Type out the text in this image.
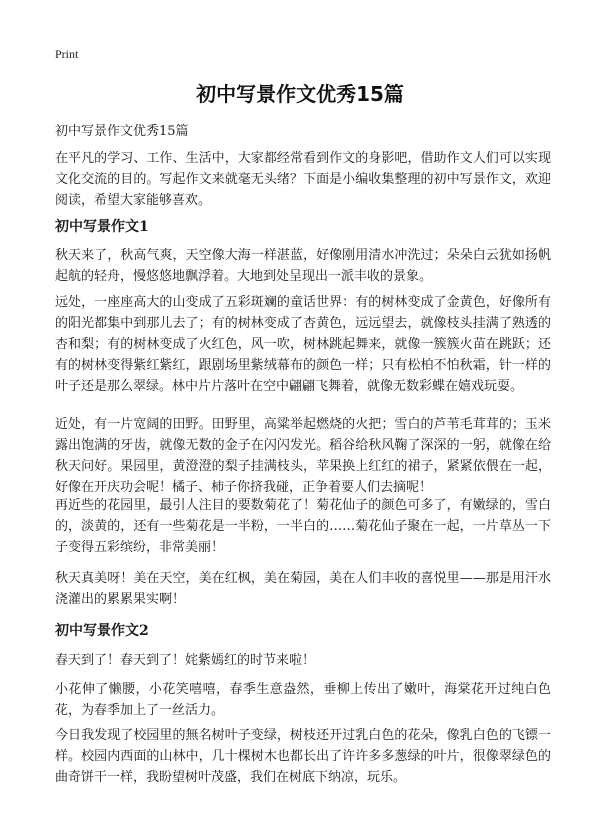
Print
初中写景作文优秀15篇
初中写景作文优秀15篇
在平凡的学习、工作、生活中，大家都经常看到作文的身影吧，借助作文人们可以实现文化交流的目的。写起作文来就毫无头绪？下面是小编收集整理的初中写景作文，欢迎阅读，希望大家能够喜欢。
初中写景作文1
秋天来了，秋高气爽，天空像大海一样湛蓝，好像刚用清水冲洗过；朵朵白云犹如扬帆起航的轻舟，慢悠悠地飘浮着。大地到处呈现出一派丰收的景象。
远处，一座座高大的山变成了五彩斑斓的童话世界：有的树林变成了金黄色，好像所有的阳光都集中到那儿去了；有的树林变成了杏黄色，远远望去，就像枝头挂满了熟透的杏和梨；有的树林变成了火红色，风一吹，树林跳起舞来，就像一簇簇火苗在跳跃；还有的树林变得紫红紫红，跟剧场里紫绒幕布的颜色一样；只有松柏不怕秋霜，针一样的叶子还是那么翠绿。林中片片落叶在空中翩翩飞舞着，就像无数彩蝶在嬉戏玩耍。
近处，有一片宽阔的田野。田野里，高粱举起燃烧的火把；雪白的芦苇毛茸茸的；玉米露出饱满的牙齿，就像无数的金子在闪闪发光。稻谷给秋风鞠了深深的一躬，就像在给秋天问好。果园里，黄澄澄的梨子挂满枝头，苹果换上红红的裙子，紧紧依偎在一起，好像在开庆功会呢！橘子、柿子你挤我碰，正争着要人们去摘呢！
再近些的花园里，最引人注目的要数菊花了！菊花仙子的颜色可多了，有嫩绿的，雪白的，淡黄的，还有一些菊花是一半粉，一半白的……菊花仙子聚在一起，一片草丛一下子变得五彩缤纷，非常美丽！
秋天真美呀！美在天空，美在红枫，美在菊园，美在人们丰收的喜悦里——那是用汗水浇灌出的累累果实啊！
初中写景作文2
春天到了！春天到了！姹紫嫣红的时节来啦！
小花伸了懒腰，小花笑嘻嘻，春季生意盎然，垂柳上传出了嫩叶，海棠花开过纯白色花，为春季加上了一丝活力。
今日我发现了校园里的無名树叶子变绿，树枝还开过乳白色的花朵，像乳白色的飞镖一样。校园内西面的山林中，几十棵树木也都长出了许许多多葱绿的叶片，很像翠绿色的曲奇饼干一样，我盼望树叶茂盛，我们在树底下纳凉，玩乐。
